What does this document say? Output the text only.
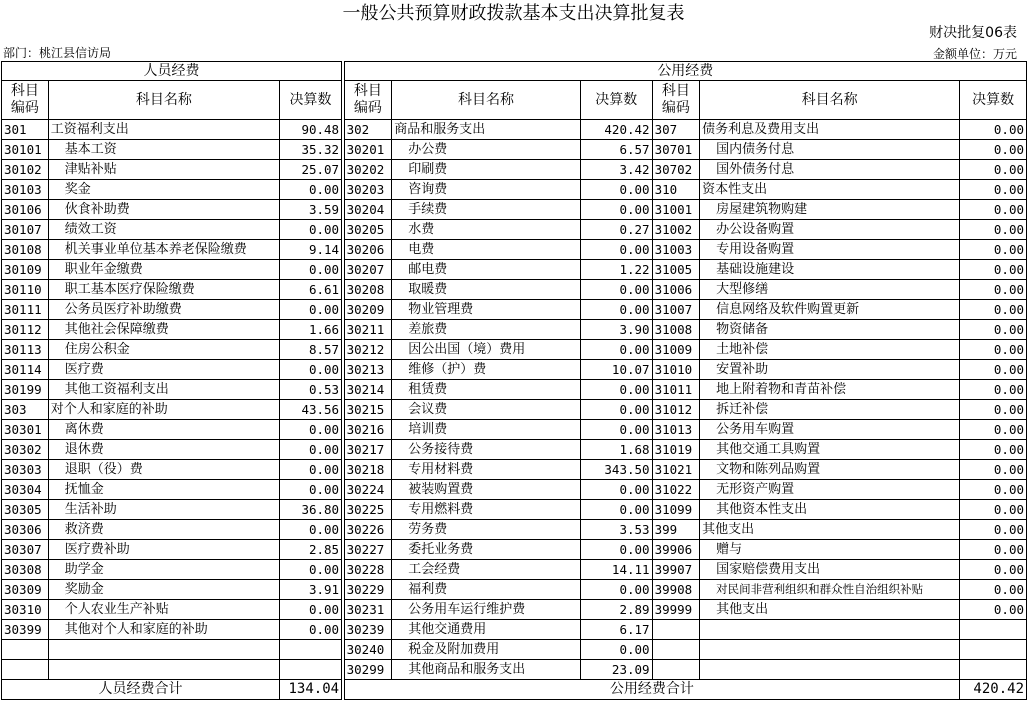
一般公共预算财政拨款基本支出决算批复表
财决批复06表
部门：桃江县信访局	金额单位：万元
人员经费				公用经费					
科目
编码	科目名称	决算数		科目
编码	科目名称	决算数	科目
编码	科目名称	决算数
301	工资福利支出	90.48		302	商品和服务支出	420.42	307	债务利息及费用支出	0.00
30101	基本工资	35.32		30201	办公费	6.57	30701	国内债务付息	0.00
30102	津贴补贴	25.07		30202	印刷费	3.42	30702	国外债务付息	0.00
30103	奖金	0.00		30203	咨询费	0.00	310	资本性支出	0.00
30106	伙食补助费	3.59		30204	手续费	0.00	31001	房屋建筑物购建	0.00
30107	绩效工资	0.00		30205	水费	0.27	31002	办公设备购置	0.00
30108	机关事业单位基本养老保险缴费	9.14		30206	电费	0.00	31003	专用设备购置	0.00
30109	职业年金缴费	0.00		30207	邮电费	1.22	31005	基础设施建设	0.00
30110	职工基本医疗保险缴费	6.61		30208	取暖费	0.00	31006	大型修缮	0.00
30111	公务员医疗补助缴费	0.00		30209	物业管理费	0.00	31007	信息网络及软件购置更新	0.00
30112	其他社会保障缴费	1.66		30211	差旅费	3.90	31008	物资储备	0.00
30113	住房公积金	8.57		30212	因公出国（境）费用	0.00	31009	土地补偿	0.00
30114	医疗费	0.00		30213	维修（护）费	10.07	31010	安置补助	0.00
30199	其他工资福利支出	0.53		30214	租赁费	0.00	31011	地上附着物和青苗补偿	0.00
303	对个人和家庭的补助	43.56		30215	会议费	0.00	31012	拆迁补偿	0.00
30301	离休费	0.00		30216	培训费	0.00	31013	公务用车购置	0.00
30302	退休费	0.00		30217	公务接待费	1.68	31019	其他交通工具购置	0.00
30303	退职（役）费	0.00		30218	专用材料费	343.50	31021	文物和陈列品购置	0.00
30304	抚恤金	0.00		30224	被装购置费	0.00	31022	无形资产购置	0.00
30305	生活补助	36.80		30225	专用燃料费	0.00	31099	其他资本性支出	0.00
30306	救济费	0.00		30226	劳务费	3.53	399	其他支出	0.00
30307	医疗费补助	2.85		30227	委托业务费	0.00	39906	赠与	0.00
30308	助学金	0.00		30228	工会经费	14.11	39907	国家赔偿费用支出	0.00
30309	奖励金	3.91		30229	福利费	0.00	39908	对民间非营利组织和群众性自治组织补贴	0.00
30310	个人农业生产补贴	0.00		30231	公务用车运行维护费	2.89	39999	其他支出	0.00
30399	其他对个人和家庭的补助	0.00		30239	其他交通费用	6.17			
				30240	税金及附加费用	0.00			
				30299	其他商品和服务支出	23.09			
人员经费合计		134.04		公用经费合计					420.42
